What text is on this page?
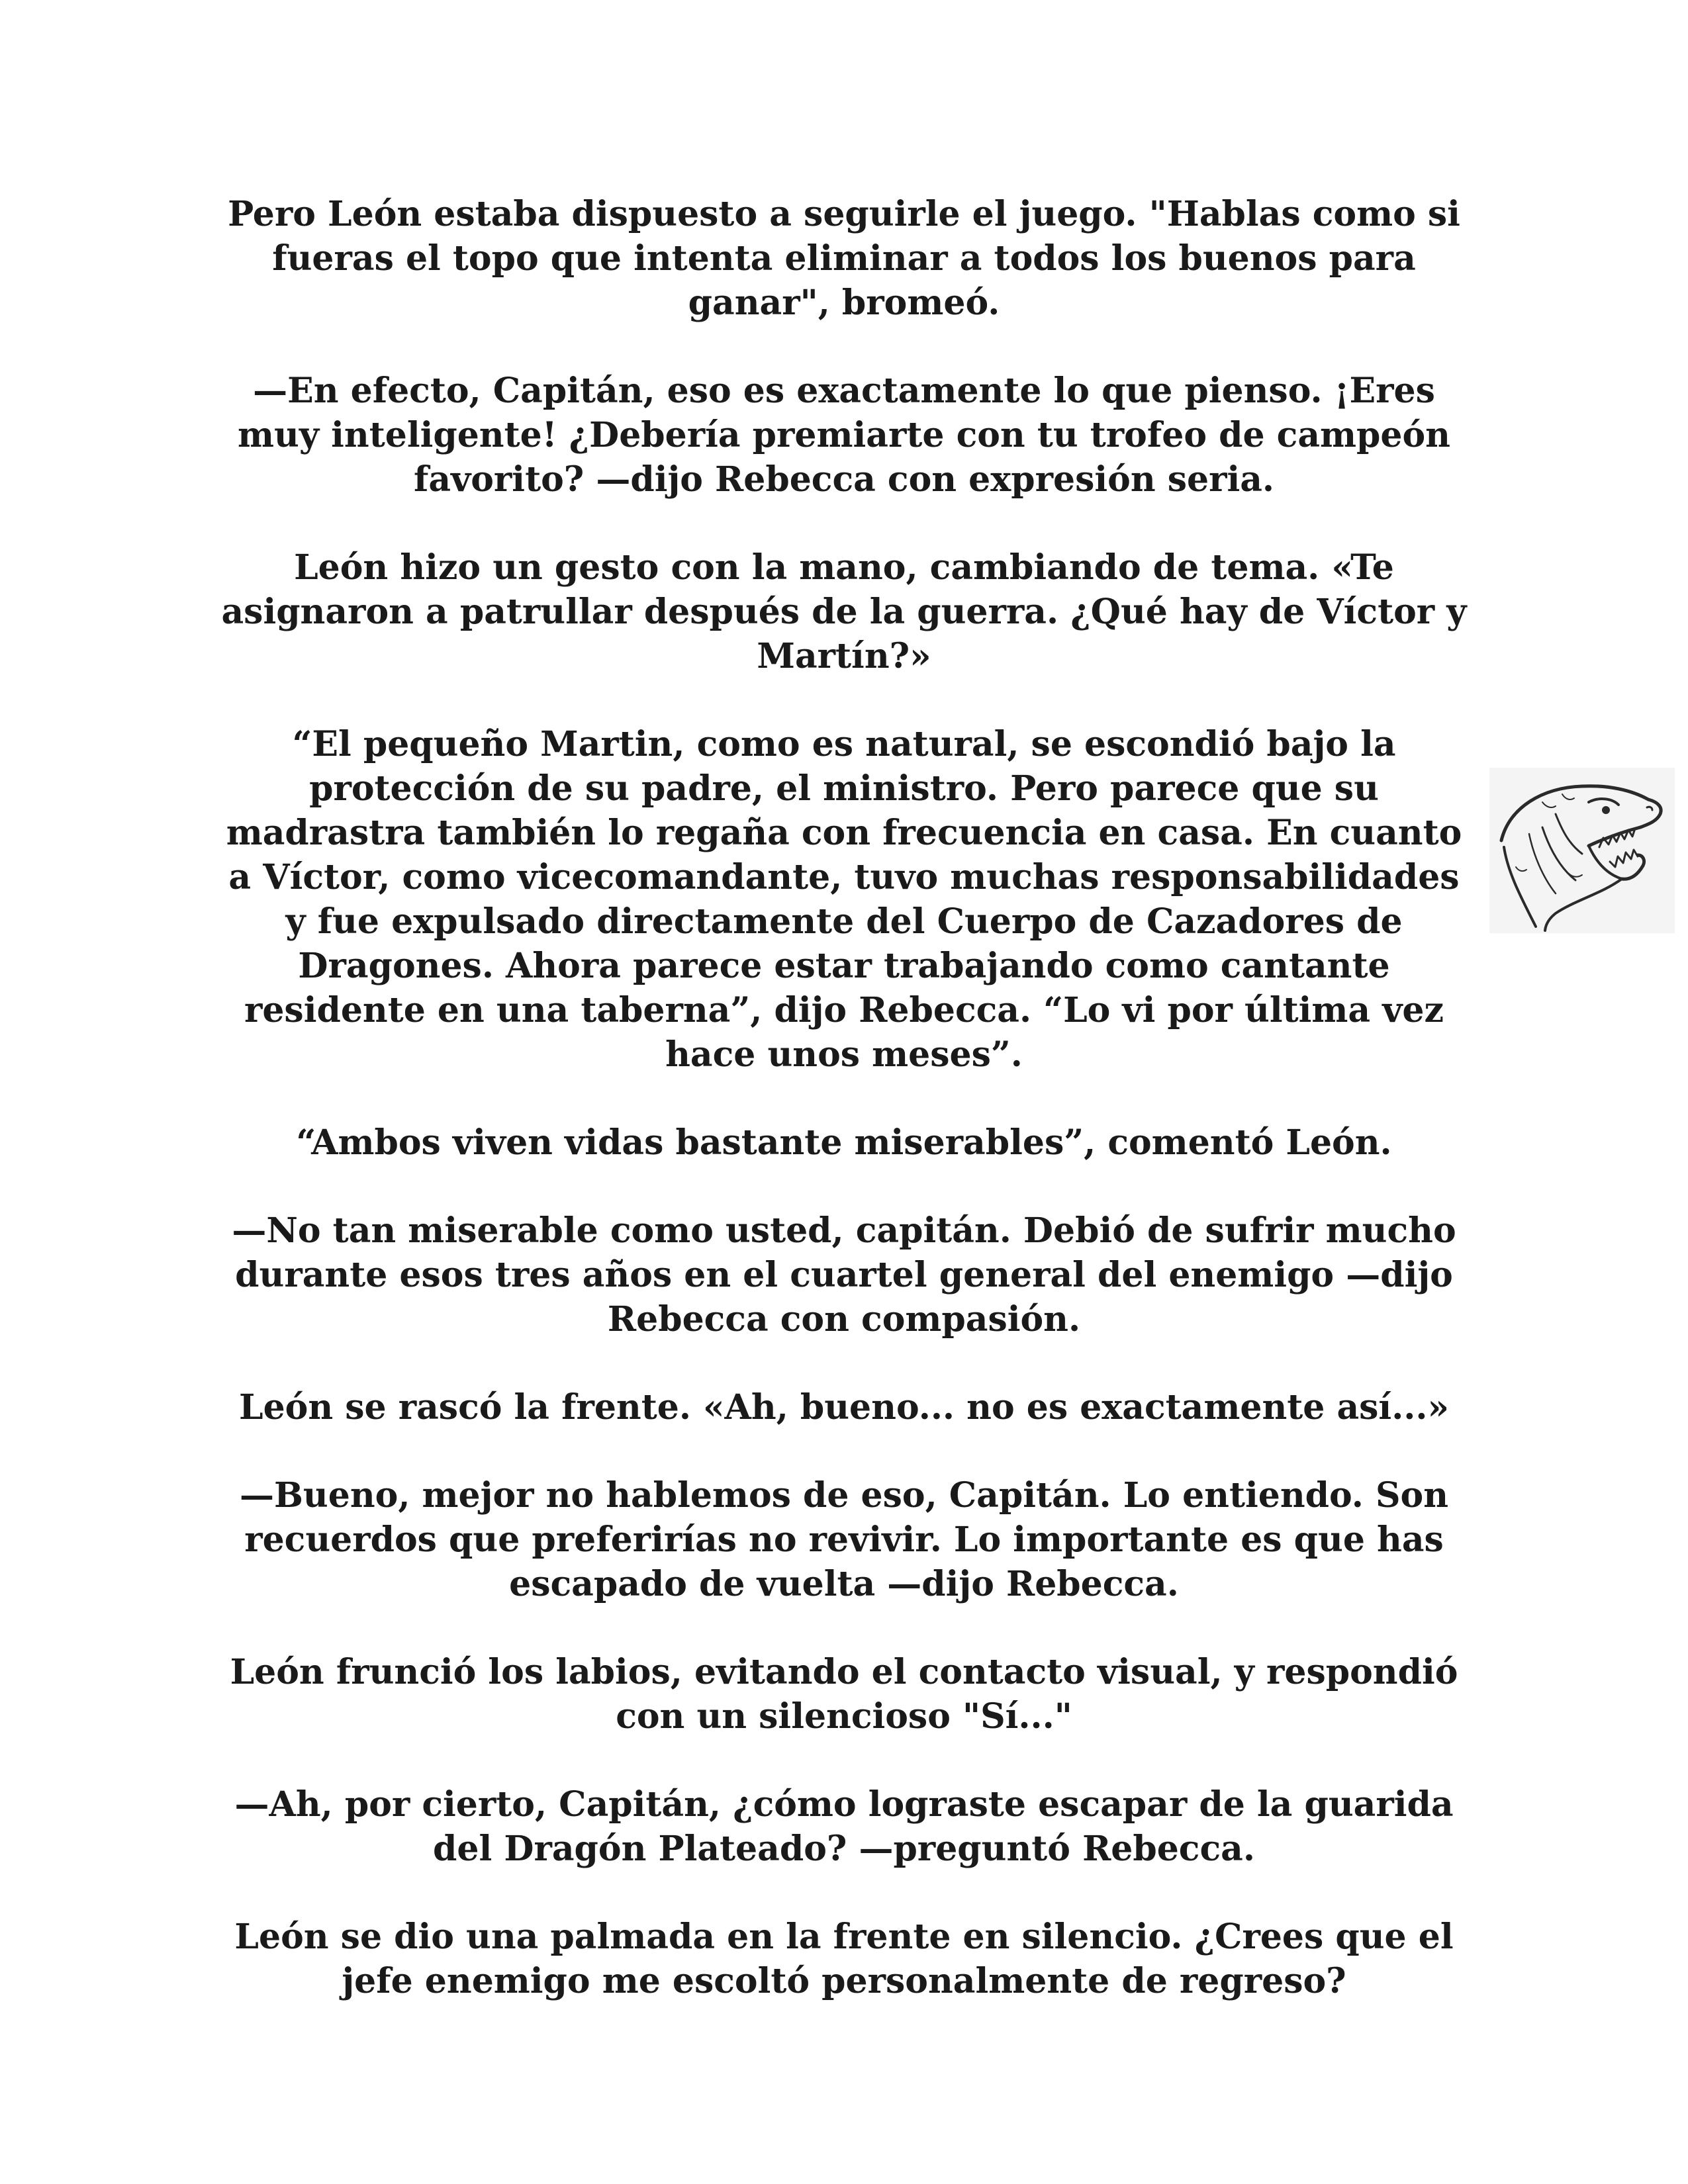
Pero León estaba dispuesto a seguirle el juego. "Hablas como si fueras el topo que intenta eliminar a todos los buenos para ganar", bromeó.

—En efecto, Capitán, eso es exactamente lo que pienso. ¡Eres muy inteligente! ¿Debería premiarte con tu trofeo de campeón favorito? —dijo Rebecca con expresión seria.

León hizo un gesto con la mano, cambiando de tema. «Te asignaron a patrullar después de la guerra. ¿Qué hay de Víctor y Martín?»

“El pequeño Martin, como es natural, se escondió bajo la protección de su padre, el ministro. Pero parece que su madrastra también lo regaña con frecuencia en casa. En cuanto a Víctor, como vicecomandante, tuvo muchas responsabilidades y fue expulsado directamente del Cuerpo de Cazadores de Dragones. Ahora parece estar trabajando como cantante residente en una taberna”, dijo Rebecca. “Lo vi por última vez hace unos meses”.

“Ambos viven vidas bastante miserables”, comentó León.

—No tan miserable como usted, capitán. Debió de sufrir mucho durante esos tres años en el cuartel general del enemigo —dijo Rebecca con compasión.

León se rascó la frente. «Ah, bueno... no es exactamente así...»

—Bueno, mejor no hablemos de eso, Capitán. Lo entiendo. Son recuerdos que preferirías no revivir. Lo importante es que has escapado de vuelta —dijo Rebecca.

León frunció los labios, evitando el contacto visual, y respondió con un silencioso "Sí..."

—Ah, por cierto, Capitán, ¿cómo lograste escapar de la guarida del Dragón Plateado? —preguntó Rebecca.

León se dio una palmada en la frente en silencio. ¿Crees que el jefe enemigo me escoltó personalmente de regreso?
